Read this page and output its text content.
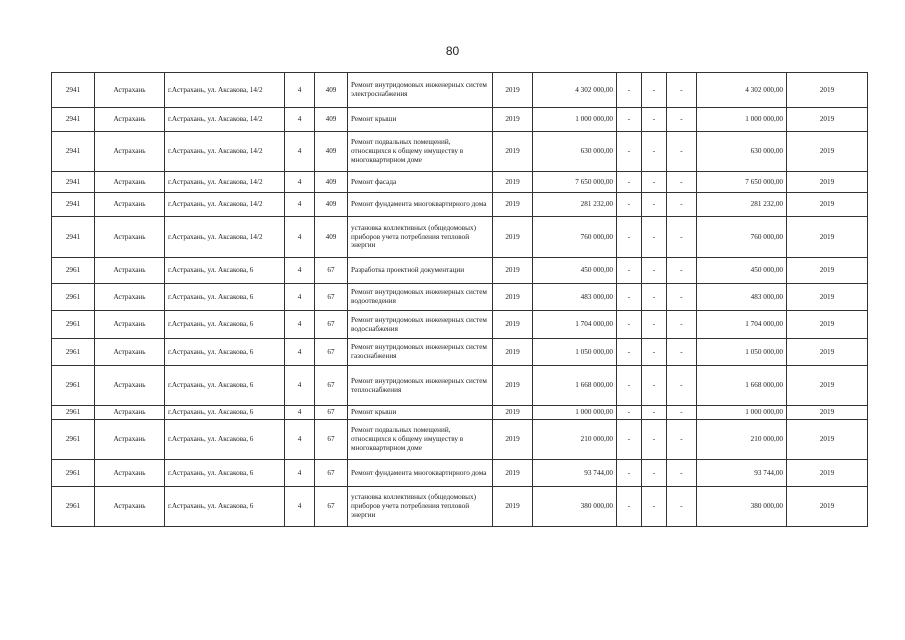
80
2941	Астрахань	г.Астрахань, ул. Аксакова, 14/2	4	409	Ремонт внутридомовых инженерных систем электроснабжения	2019	4 302 000,00	-	-	-	4 302 000,00	2019
2941	Астрахань	г.Астрахань, ул. Аксакова, 14/2	4	409	Ремонт крыши	2019	1 000 000,00	-	-	-	1 000 000,00	2019
2941	Астрахань	г.Астрахань, ул. Аксакова, 14/2	4	409	Ремонт подвальных помещений, относящихся к общему имуществу в многоквартирном доме	2019	630 000,00	-	-	-	630 000,00	2019
2941	Астрахань	г.Астрахань, ул. Аксакова, 14/2	4	409	Ремонт фасада	2019	7 650 000,00	-	-	-	7 650 000,00	2019
2941	Астрахань	г.Астрахань, ул. Аксакова, 14/2	4	409	Ремонт фундамента многоквартирного дома	2019	281 232,00	-	-	-	281 232,00	2019
2941	Астрахань	г.Астрахань, ул. Аксакова, 14/2	4	409	установка коллективных (общедомовых) приборов учета потребления тепловой энергии	2019	760 000,00	-	-	-	760 000,00	2019
2961	Астрахань	г.Астрахань, ул. Аксакова, 6	4	67	Разработка проектной документации	2019	450 000,00	-	-	-	450 000,00	2019
2961	Астрахань	г.Астрахань, ул. Аксакова, 6	4	67	Ремонт внутридомовых инженерных систем водоотведения	2019	483 000,00	-	-	-	483 000,00	2019
2961	Астрахань	г.Астрахань, ул. Аксакова, 6	4	67	Ремонт внутридомовых инженерных систем водоснабжения	2019	1 704 000,00	-	-	-	1 704 000,00	2019
2961	Астрахань	г.Астрахань, ул. Аксакова, 6	4	67	Ремонт внутридомовых инженерных систем газоснабжения	2019	1 050 000,00	-	-	-	1 050 000,00	2019
2961	Астрахань	г.Астрахань, ул. Аксакова, 6	4	67	Ремонт внутридомовых инженерных систем теплоснабжения	2019	1 668 000,00	-	-	-	1 668 000,00	2019
2961	Астрахань	г.Астрахань, ул. Аксакова, 6	4	67	Ремонт крыши	2019	1 000 000,00	-	-	-	1 000 000,00	2019
2961	Астрахань	г.Астрахань, ул. Аксакова, 6	4	67	Ремонт подвальных помещений, относящихся к общему имуществу в многоквартирном доме	2019	210 000,00	-	-	-	210 000,00	2019
2961	Астрахань	г.Астрахань, ул. Аксакова, 6	4	67	Ремонт фундамента многоквартирного дома	2019	93 744,00	-	-	-	93 744,00	2019
2961	Астрахань	г.Астрахань, ул. Аксакова, 6	4	67	установка коллективных (общедомовых) приборов учета потребления тепловой энергии	2019	380 000,00	-	-	-	380 000,00	2019
